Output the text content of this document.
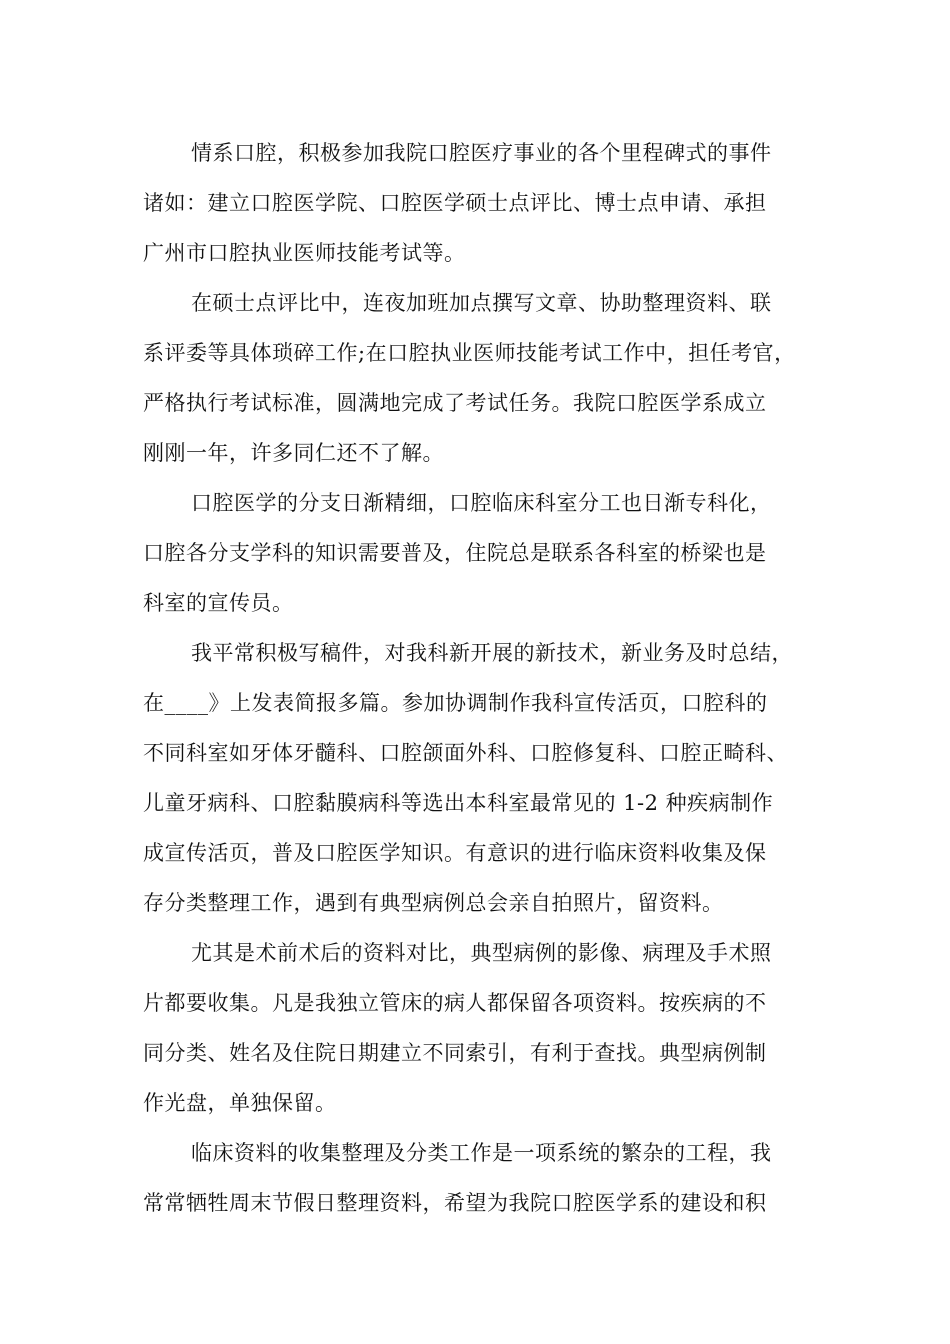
情系口腔，积极参加我院口腔医疗事业的各个里程碑式的事件
诸如：建立口腔医学院、口腔医学硕士点评比、博士点申请、承担
广州市口腔执业医师技能考试等。
在硕士点评比中，连夜加班加点撰写文章、协助整理资料、联
系评委等具体琐碎工作;在口腔执业医师技能考试工作中，担任考官，
严格执行考试标准，圆满地完成了考试任务。我院口腔医学系成立
刚刚一年，许多同仁还不了解。
口腔医学的分支日渐精细，口腔临床科室分工也日渐专科化，
口腔各分支学科的知识需要普及，住院总是联系各科室的桥梁也是
科室的宣传员。
我平常积极写稿件，对我科新开展的新技术，新业务及时总结，
在____》上发表简报多篇。参加协调制作我科宣传活页，口腔科的
不同科室如牙体牙髓科、口腔颌面外科、口腔修复科、口腔正畸科、
儿童牙病科、口腔黏膜病科等选出本科室最常见的 1-2 种疾病制作
成宣传活页，普及口腔医学知识。有意识的进行临床资料收集及保
存分类整理工作，遇到有典型病例总会亲自拍照片，留资料。
尤其是术前术后的资料对比，典型病例的影像、病理及手术照
片都要收集。凡是我独立管床的病人都保留各项资料。按疾病的不
同分类、姓名及住院日期建立不同索引，有利于查找。典型病例制
作光盘，单独保留。
临床资料的收集整理及分类工作是一项系统的繁杂的工程，我
常常牺牲周末节假日整理资料，希望为我院口腔医学系的建设和积
